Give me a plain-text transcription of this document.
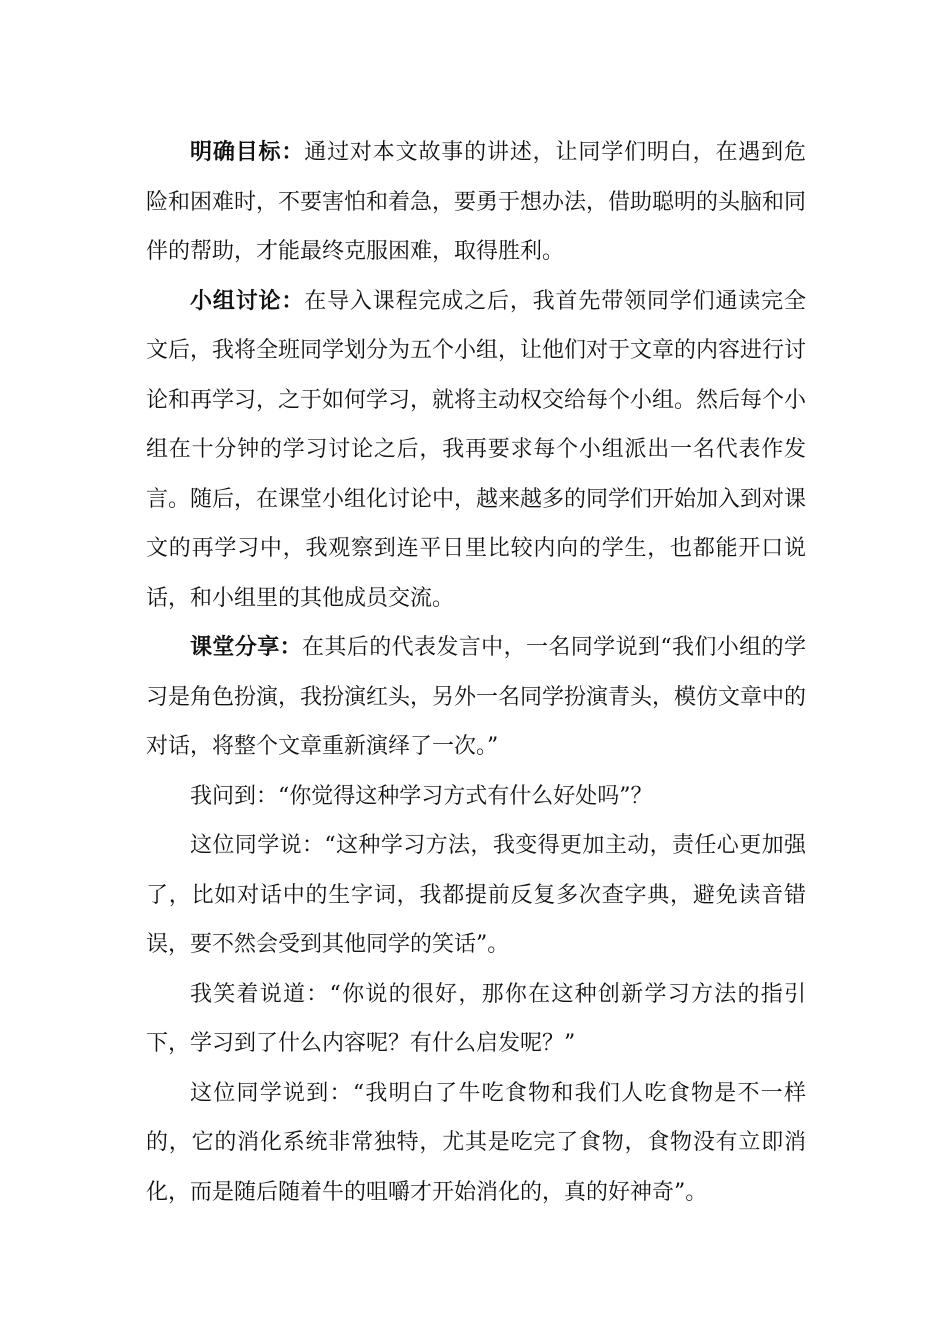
明确目标：通过对本文故事的讲述，让同学们明白，在遇到危险和困难时，不要害怕和着急，要勇于想办法，借助聪明的头脑和同伴的帮助，才能最终克服困难，取得胜利。

小组讨论：在导入课程完成之后，我首先带领同学们通读完全文后，我将全班同学划分为五个小组，让他们对于文章的内容进行讨论和再学习，之于如何学习，就将主动权交给每个小组。然后每个小组在十分钟的学习讨论之后，我再要求每个小组派出一名代表作发言。随后，在课堂小组化讨论中，越来越多的同学们开始加入到对课文的再学习中，我观察到连平日里比较内向的学生，也都能开口说话，和小组里的其他成员交流。

课堂分享：在其后的代表发言中，一名同学说到“我们小组的学习是角色扮演，我扮演红头，另外一名同学扮演青头，模仿文章中的对话，将整个文章重新演绎了一次。”

我问到：“你觉得这种学习方式有什么好处吗”？

这位同学说：“这种学习方法，我变得更加主动，责任心更加强了，比如对话中的生字词，我都提前反复多次查字典，避免读音错误，要不然会受到其他同学的笑话”。

我笑着说道：“你说的很好，那你在这种创新学习方法的指引下，学习到了什么内容呢？有什么启发呢？”

这位同学说到：“我明白了牛吃食物和我们人吃食物是不一样的，它的消化系统非常独特，尤其是吃完了食物，食物没有立即消化，而是随后随着牛的咀嚼才开始消化的，真的好神奇”。
